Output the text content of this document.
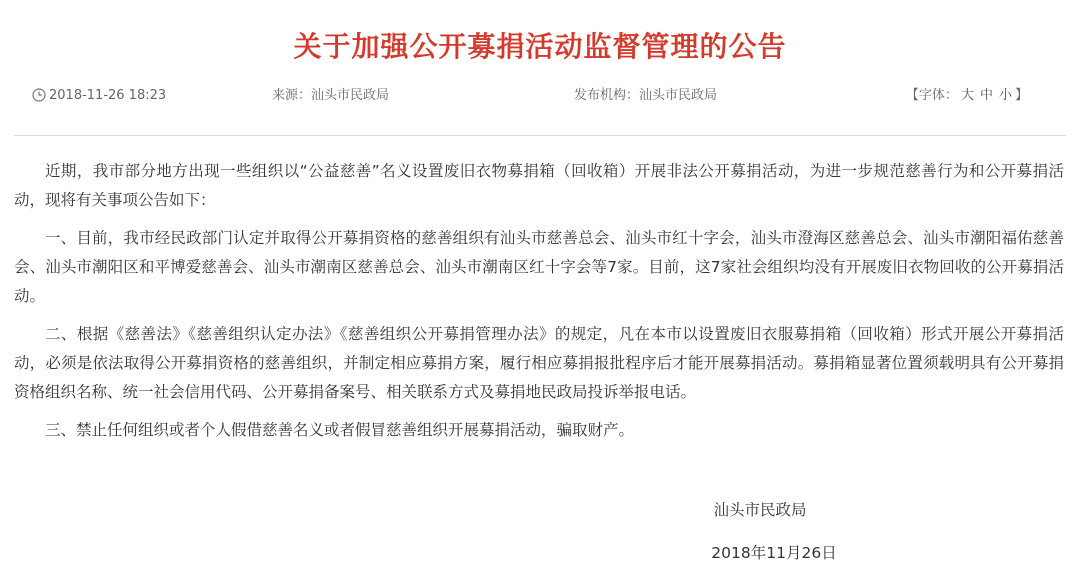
关于加强公开募捐活动监督管理的公告
2018-11-26 18:23	来源：汕头市民政局	发布机构：汕头市民政局	【字体： 大 中 小 】

近期，我市部分地方出现一些组织以“公益慈善”名义设置废旧衣物募捐箱（回收箱）开展非法公开募捐活动，为进一步规范慈善行为和公开募捐活动，现将有关事项公告如下：

一、目前，我市经民政部门认定并取得公开募捐资格的慈善组织有汕头市慈善总会、汕头市红十字会，汕头市澄海区慈善总会、汕头市潮阳福佑慈善会、汕头市潮阳区和平博爱慈善会、汕头市潮南区慈善总会、汕头市潮南区红十字会等7家。目前，这7家社会组织均没有开展废旧衣物回收的公开募捐活动。

二、根据《慈善法》《慈善组织认定办法》《慈善组织公开募捐管理办法》的规定，凡在本市以设置废旧衣服募捐箱（回收箱）形式开展公开募捐活动，必须是依法取得公开募捐资格的慈善组织，并制定相应募捐方案，履行相应募捐报批程序后才能开展募捐活动。募捐箱显著位置须载明具有公开募捐资格组织名称、统一社会信用代码、公开募捐备案号、相关联系方式及募捐地民政局投诉举报电话。

三、禁止任何组织或者个人假借慈善名义或者假冒慈善组织开展募捐活动，骗取财产。

汕头市民政局
2018年11月26日
